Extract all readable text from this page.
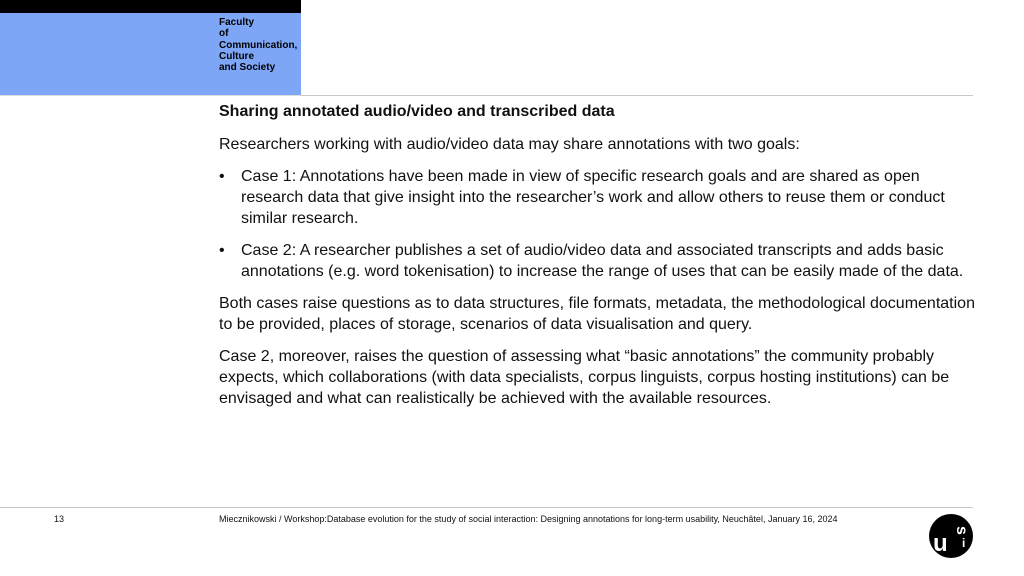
Faculty
of
Communication,
Culture
and Society
Sharing annotated audio/video and transcribed data

Researchers working with audio/video data may share annotations with two goals:

• Case 1: Annotations have been made in view of specific research goals and are shared as open research data that give insight into the researcher’s work and allow others to reuse them or conduct similar research.
• Case 2: A researcher publishes a set of audio/video data and associated transcripts and adds basic annotations (e.g. word tokenisation) to increase the range of uses that can be easily made of the data.

Both cases raise questions as to data structures, file formats, metadata, the methodological documentation to be provided, places of storage, scenarios of data visualisation and query.

Case 2, moreover, raises the question of assessing what “basic annotations” the community probably expects, which collaborations (with data specialists, corpus linguists, corpus hosting institutions) can be envisaged and what can realistically be achieved with the available resources.

13	Miecznikowski / Workshop:Database evolution for the study of social interaction: Designing annotations for long-term usability, Neuchâtel, January 16, 2024
u s
i
